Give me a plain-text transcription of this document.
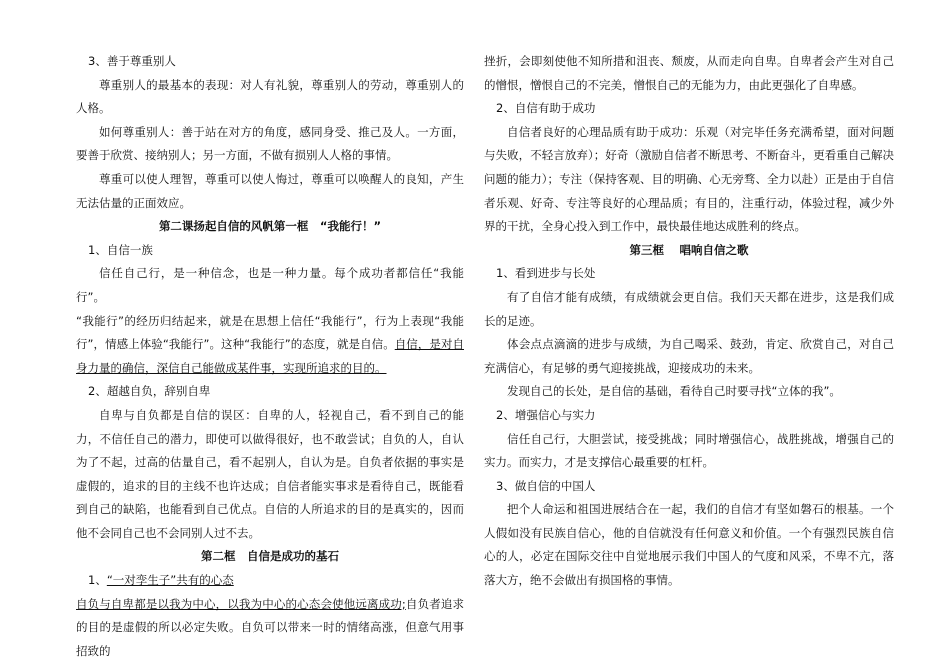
3、善于尊重别人

尊重别人的最基本的表现：对人有礼貌，尊重别人的劳动，尊重别人的人格。

如何尊重别人：善于站在对方的角度，感同身受、推己及人。一方面，要善于欣赏、接纳别人；另一方面，不做有损别人人格的事情。

尊重可以使人理智，尊重可以使人悔过，尊重可以唤醒人的良知，产生无法估量的正面效应。

第二课扬起自信的风帆第一框　“我能行！”

1、自信一族

信任自己行，是一种信念，也是一种力量。每个成功者都信任“我能行”。

“我能行”的经历归结起来，就是在思想上信任“我能行”，行为上表现“我能行”，情感上体验“我能行”。这种“我能行”的态度，就是自信。自信，是对自身力量的确信，深信自己能做成某件事，实现所追求的目的。

2、超越自负，辞别自卑

自卑与自负都是自信的误区：自卑的人，轻视自己，看不到自己的能力，不信任自己的潜力，即使可以做得很好，也不敢尝试；自负的人，自认为了不起，过高的估量自己，看不起别人，自认为是。自负者依据的事实是虚假的，追求的目的主线不也许达成；自信者能实事求是看待自己，既能看到自己的缺陷，也能看到自己优点。自信的人所追求的目的是真实的，因而他不会同自己也不会同别人过不去。

第二框　自信是成功的基石

1、“一对孪生子”共有的心态

自负与自卑都是以我为中心，以我为中心的心态会使他远离成功;自负者追求的目的是虚假的所以必定失败。自负可以带来一时的情绪高涨，但意气用事招致的

挫折，会即刻使他不知所措和沮丧、颓废，从而走向自卑。自卑者会产生对自己的憎恨，憎恨自己的不完美，憎恨自己的无能为力，由此更强化了自卑感。

2、自信有助于成功

自信者良好的心理品质有助于成功：乐观（对完毕任务充满希望，面对问题与失败，不轻言放弃）；好奇（激励自信者不断思考、不断奋斗，更看重自己解决问题的能力）；专注（保持客观、目的明确、心无旁骛、全力以赴）正是由于自信者乐观、好奇、专注等良好的心理品质；有目的，注重行动，体验过程，减少外界的干扰，全身心投入到工作中，最快最佳地达成胜利的终点。

第三框　 唱响自信之歌

1、看到进步与长处

有了自信才能有成绩，有成绩就会更自信。我们天天都在进步，这是我们成长的足迹。

体会点点滴滴的进步与成绩，为自己喝采、鼓劲，肯定、欣赏自己，对自己充满信心，有足够的勇气迎接挑战，迎接成功的未来。

发现自己的长处，是自信的基础，看待自己时要寻找“立体的我”。

2、增强信心与实力

信任自己行，大胆尝试，接受挑战；同时增强信心，战胜挑战，增强自己的实力。而实力，才是支撑信心最重要的杠杆。

3、做自信的中国人

把个人命运和祖国进展结合在一起，我们的自信才有坚如磐石的根基。一个人假如没有民族自信心，他的自信就没有任何意义和价值。一个有强烈民族自信心的人，必定在国际交往中自觉地展示我们中国人的气度和风采，不卑不亢，落落大方，绝不会做出有损国格的事情。
